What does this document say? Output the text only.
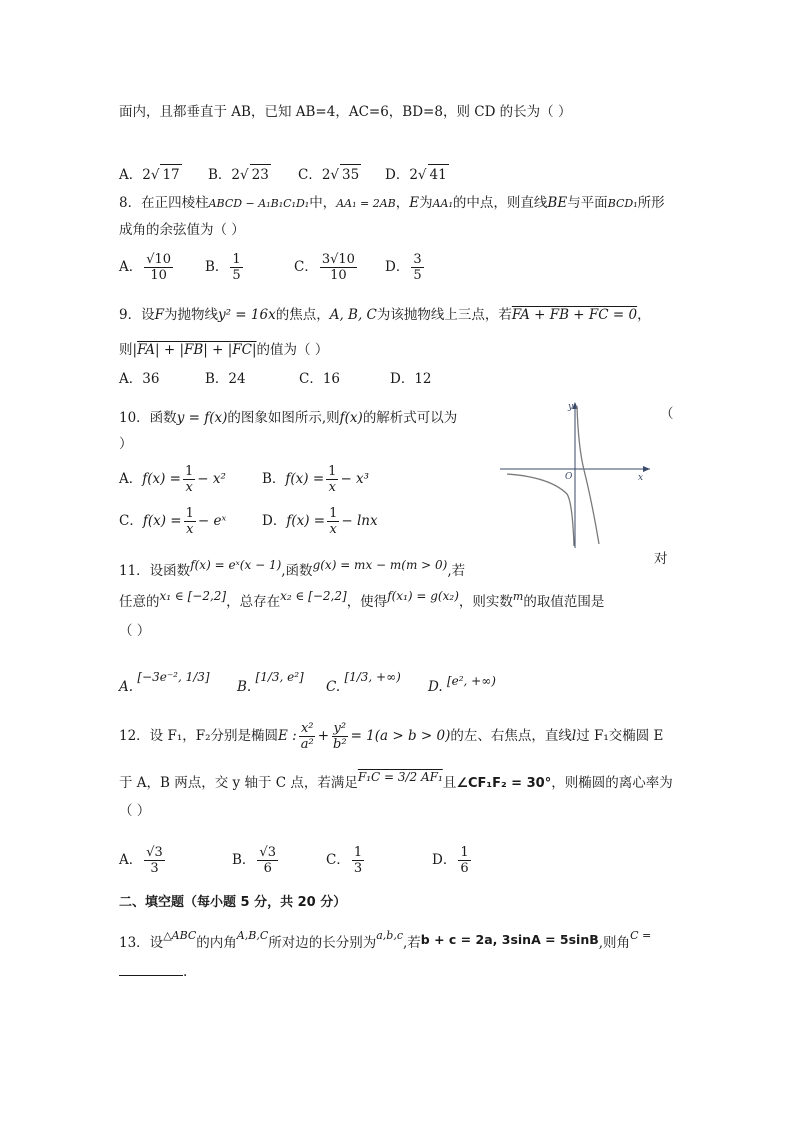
面内，且都垂直于 AB，已知 AB=4，AC=6，BD=8，则 CD 的长为（ ）
A．2√ 17 B．2√ 23 C．2√ 35 D．2√ 41
8．在正四棱柱ABCD − A₁B₁C₁D₁中，AA₁ = 2AB，E为AA₁的中点，则直线BE与平面BCD₁所形
成角的余弦值为（ ）
A． $\frac{√10}{10}$ B． $\frac{1}{5}$	C． $\frac{3√10}{10}$ D． $\frac{3}{5}$
9．设F为抛物线y² = 16x的焦点，A, B, C为该抛物线上三点，若FA + FB + FC = 0，
则|FA| + |FB| + |FC|的值为（ ）
A．36	B．24	C．16	D．12
10．函数y = f(x)的图象如图所示,则f(x)的解析式可以为	（
）
A．$f(x) = \frac{1}{x} - x^2$	B．$f(x) = \frac{1}{x} - x^3$
C．$f(x) = \frac{1}{x}$ − eˣ	D．$f(x) = \frac{1}{x} - \ln x$
y
x
O
对
11．设函数f(x) = eˣ(x − 1),函数g(x) = mx − m(m > 0),若
任意的x₁ ∈ [−2,2]，总存在x₂ ∈ [−2,2]，使得f(x₁) = g(x₂)，则实数$^m$的取值范围是
（ ）
A. [−3e⁻², 1/3]
B. [1/3, e²]
C. [1/3, +∞)
D. [e², +∞)
12．设 F₁，F₂分别是椭圆E : $\frac{\text{x²}}{\text{a²}} + \frac{\text{y²}}{\text{b²}} = 1(a > b > 0)$的左、右焦点，直线l过 F₁交椭圆 E
于 A，B 两点，交 y 轴于 C 点，若满足F₁C = 3/2 AF₁且∠CF₁F₂ = 30°，则椭圆的离心率为
（ ）
A． $\frac{√3}{3}$	B． $\frac{√3}{6}$	C． $\frac{1}{3}$	D． $\frac{1}{6}$
二、填空题（每小题 5 分，共 20 分）
13．设$^{\triangle ABC}$的内角$^{A,B,C}$所对边的长分别为$^{a,b,c}$,若b + c = 2a, 3sinA = 5sinB,则角$^{C =}$
.
